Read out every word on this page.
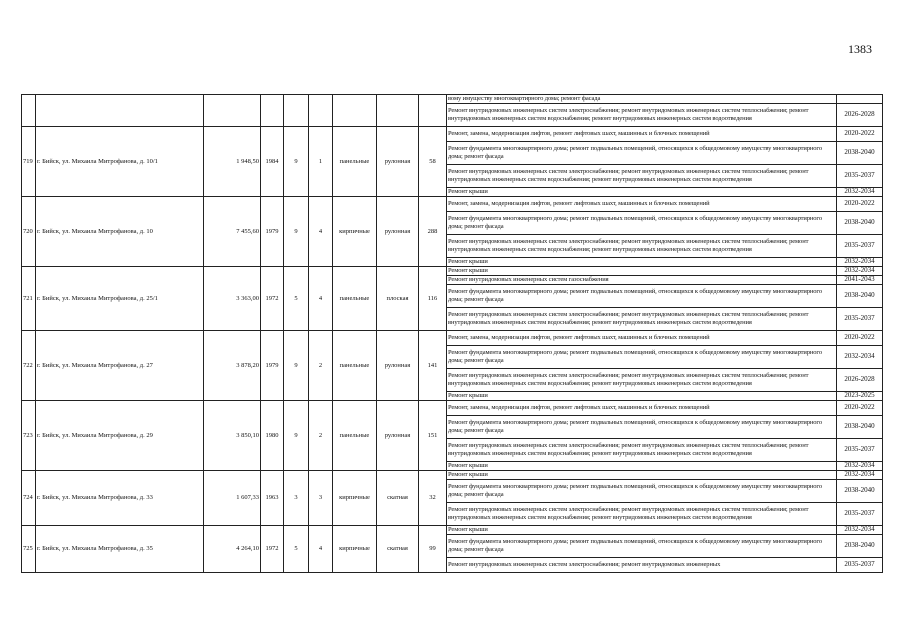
1383
									вому имуществу многоквартирного дома; ремонт фасада	
									Ремонт внутридомовых инженерных систем электроснабжения; ремонт внутридомовых инженерных систем теплоснабжения; ремонт внутридомовых инженерных систем водоснабжения; ремонт внутридомовых инженерных систем водоотведения	2026-2028
719	г. Бийск, ул. Михаила Митрофанова, д. 10/1	1 948,50	1984	9	1	панельные	рулонная	58	Ремонт, замена, модернизация лифтов, ремонт лифтовых шахт, машинных и блочных помещений	2020-2022
									Ремонт фундамента многоквартирного дома; ремонт подвальных помещений, относящихся к общедомовому имуществу многоквартирного дома; ремонт фасада	2038-2040
									Ремонт внутридомовых инженерных систем электроснабжения; ремонт внутридомовых инженерных систем теплоснабжения; ремонт внутридомовых инженерных систем водоснабжения; ремонт внутридомовых инженерных систем водоотведения	2035-2037
									Ремонт крыши	2032-2034
720	г. Бийск, ул. Михаила Митрофанова, д. 10	7 455,60	1979	9	4	кирпичные	рулонная	288	Ремонт, замена, модернизация лифтов, ремонт лифтовых шахт, машинных и блочных помещений	2020-2022
									Ремонт фундамента многоквартирного дома; ремонт подвальных помещений, относящихся к общедомовому имуществу многоквартирного дома; ремонт фасада	2038-2040
									Ремонт внутридомовых инженерных систем электроснабжения; ремонт внутридомовых инженерных систем теплоснабжения; ремонт внутридомовых инженерных систем водоснабжения; ремонт внутридомовых инженерных систем водоотведения	2035-2037
									Ремонт крыши	2032-2034
721	г. Бийск, ул. Михаила Митрофанова, д. 25/1	3 363,00	1972	5	4	панельные	плоская	116	Ремонт крыши	2032-2034
									Ремонт внутридомовых инженерных систем газоснабжения	2041-2043
									Ремонт фундамента многоквартирного дома; ремонт подвальных помещений, относящихся к общедомовому имуществу многоквартирного дома; ремонт фасада	2038-2040
									Ремонт внутридомовых инженерных систем электроснабжения; ремонт внутридомовых инженерных систем теплоснабжения; ремонт внутридомовых инженерных систем водоснабжения; ремонт внутридомовых инженерных систем водоотведения	2035-2037
722	г. Бийск, ул. Михаила Митрофанова, д. 27	3 878,20	1979	9	2	панельные	рулонная	141	Ремонт, замена, модернизация лифтов, ремонт лифтовых шахт, машинных и блочных помещений	2020-2022
									Ремонт фундамента многоквартирного дома; ремонт подвальных помещений, относящихся к общедомовому имуществу многоквартирного дома; ремонт фасада	2032-2034
									Ремонт внутридомовых инженерных систем электроснабжения; ремонт внутридомовых инженерных систем теплоснабжения; ремонт внутридомовых инженерных систем водоснабжения; ремонт внутридомовых инженерных систем водоотведения	2026-2028
									Ремонт крыши	2023-2025
723	г. Бийск, ул. Михаила Митрофанова, д. 29	3 850,10	1980	9	2	панельные	рулонная	151	Ремонт, замена, модернизация лифтов, ремонт лифтовых шахт, машинных и блочных помещений	2020-2022
									Ремонт фундамента многоквартирного дома; ремонт подвальных помещений, относящихся к общедомовому имуществу многоквартирного дома; ремонт фасада	2038-2040
									Ремонт внутридомовых инженерных систем электроснабжения; ремонт внутридомовых инженерных систем теплоснабжения; ремонт внутридомовых инженерных систем водоснабжения; ремонт внутридомовых инженерных систем водоотведения	2035-2037
									Ремонт крыши	2032-2034
724	г. Бийск, ул. Михаила Митрофанова, д. 33	1 607,33	1963	3	3	кирпичные	скатная	32	Ремонт крыши	2032-2034
									Ремонт фундамента многоквартирного дома; ремонт подвальных помещений, относящихся к общедомовому имуществу многоквартирного дома; ремонт фасада	2038-2040
									Ремонт внутридомовых инженерных систем электроснабжения; ремонт внутридомовых инженерных систем теплоснабжения; ремонт внутридомовых инженерных систем водоснабжения; ремонт внутридомовых инженерных систем водоотведения	2035-2037
725	г. Бийск, ул. Михаила Митрофанова, д. 35	4 264,10	1972	5	4	кирпичные	скатная	99	Ремонт крыши	2032-2034
									Ремонт фундамента многоквартирного дома; ремонт подвальных помещений, относящихся к общедомовому имуществу многоквартирного дома; ремонт фасада	2038-2040
									Ремонт внутридомовых инженерных систем электроснабжения; ремонт внутридомовых инженерных	2035-2037
